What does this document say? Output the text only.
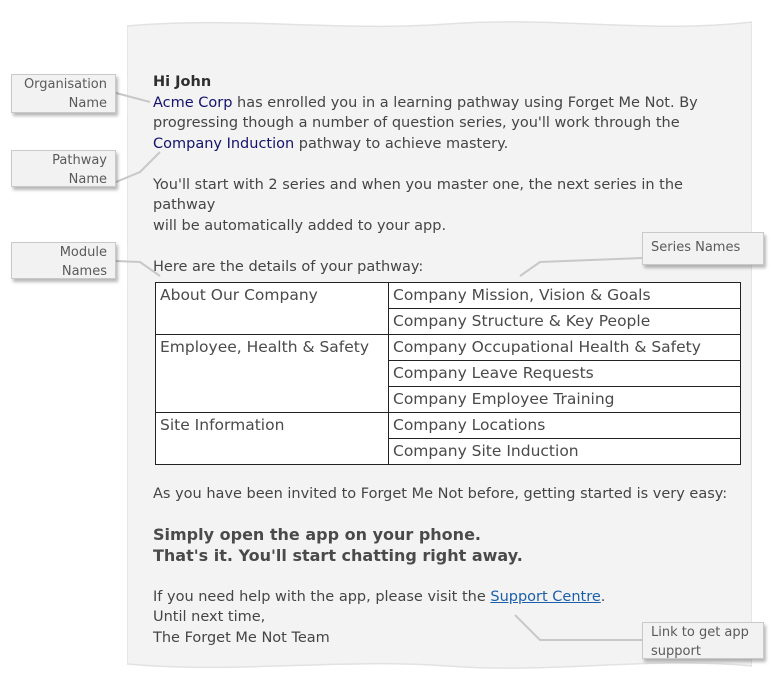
Hi John

Acme Corp has enrolled you in a learning pathway using Forget Me Not. By
progressing though a number of question series, you'll work through the
Company Induction pathway to achieve mastery.

You'll start with 2 series and when you master one, the next series in the pathway
will be automatically added to your app.

Here are the details of your pathway:

About Our Company	Company Mission, Vision & Goals
	Company Structure & Key People
Employee, Health & Safety	Company Occupational Health & Safety
	Company Leave Requests
	Company Employee Training
Site Information	Company Locations
	Company Site Induction

As you have been invited to Forget Me Not before, getting started is very easy:

Simply open the app on your phone.
That's it. You'll start chatting right away.

If you need help with the app, please visit the Support Centre.
Until next time,
The Forget Me Not Team

Organisation
Name
Pathway
Name
Module
Names
Series Names
Link to get app
support
